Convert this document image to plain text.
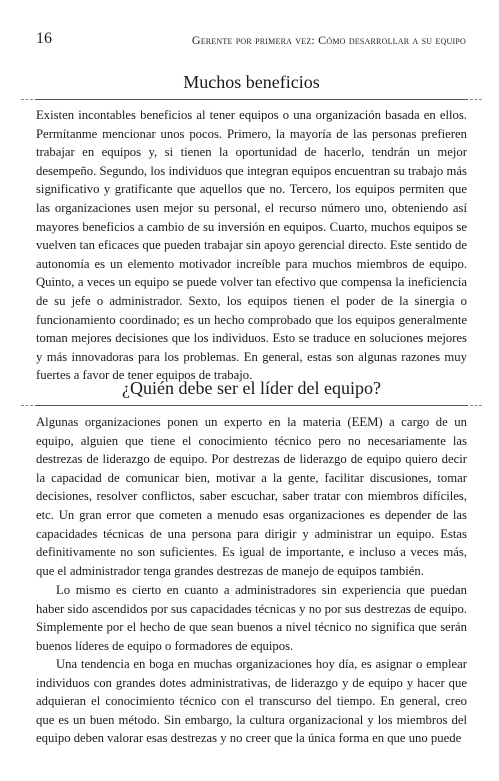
16	Gerente por primera vez: Cómo desarrollar a su equipo
Muchos beneficios

Existen incontables beneficios al tener equipos o una organización basada en ellos. Permítanme mencionar unos pocos. Primero, la mayoría de las personas prefieren trabajar en equipos y, si tienen la oportunidad de hacerlo, tendrán un mejor desempeño. Segundo, los individuos que integran equipos encuentran su trabajo más significativo y gratificante que aquellos que no. Tercero, los equipos permiten que las organizaciones usen mejor su personal, el recurso número uno, obteniendo así mayores beneficios a cambio de su inversión en equipos. Cuarto, muchos equipos se vuelven tan eficaces que pueden trabajar sin apoyo gerencial directo. Este sentido de autonomía es un elemento motivador increíble para muchos miembros de equipo. Quinto, a veces un equipo se puede volver tan efectivo que compensa la ineficiencia de su jefe o administrador. Sexto, los equipos tienen el poder de la sinergia o funcionamiento coordinado; es un hecho comprobado que los equipos generalmente toman mejores decisiones que los individuos. Esto se traduce en soluciones mejores y más innovadoras para los problemas. En general, estas son algunas razones muy fuertes a favor de tener equipos de trabajo.

¿Quién debe ser el líder del equipo?

Algunas organizaciones ponen un experto en la materia (EEM) a cargo de un equipo, alguien que tiene el conocimiento técnico pero no necesariamente las destrezas de liderazgo de equipo. Por destrezas de liderazgo de equipo quiero decir la capacidad de comunicar bien, motivar a la gente, facilitar discusiones, tomar decisiones, resolver conflictos, saber escuchar, saber tratar con miembros difíciles, etc. Un gran error que cometen a menudo esas organizaciones es depender de las capacidades técnicas de una persona para dirigir y administrar un equipo. Estas definitivamente no son suficientes. Es igual de importante, e incluso a veces más, que el administrador tenga grandes destrezas de manejo de equipos también.

Lo mismo es cierto en cuanto a administradores sin experiencia que puedan haber sido ascendidos por sus capacidades técnicas y no por sus destrezas de equipo. Simplemente por el hecho de que sean buenos a nivel técnico no significa que serán buenos líderes de equipo o formadores de equipos.

Una tendencia en boga en muchas organizaciones hoy día, es asignar o emplear individuos con grandes dotes administrativas, de liderazgo y de equipo y hacer que adquieran el conocimiento técnico con el transcurso del tiempo. En general, creo que es un buen método. Sin embargo, la cultura organizacional y los miembros del equipo deben valorar esas destrezas y no creer que la única forma en que uno puede
